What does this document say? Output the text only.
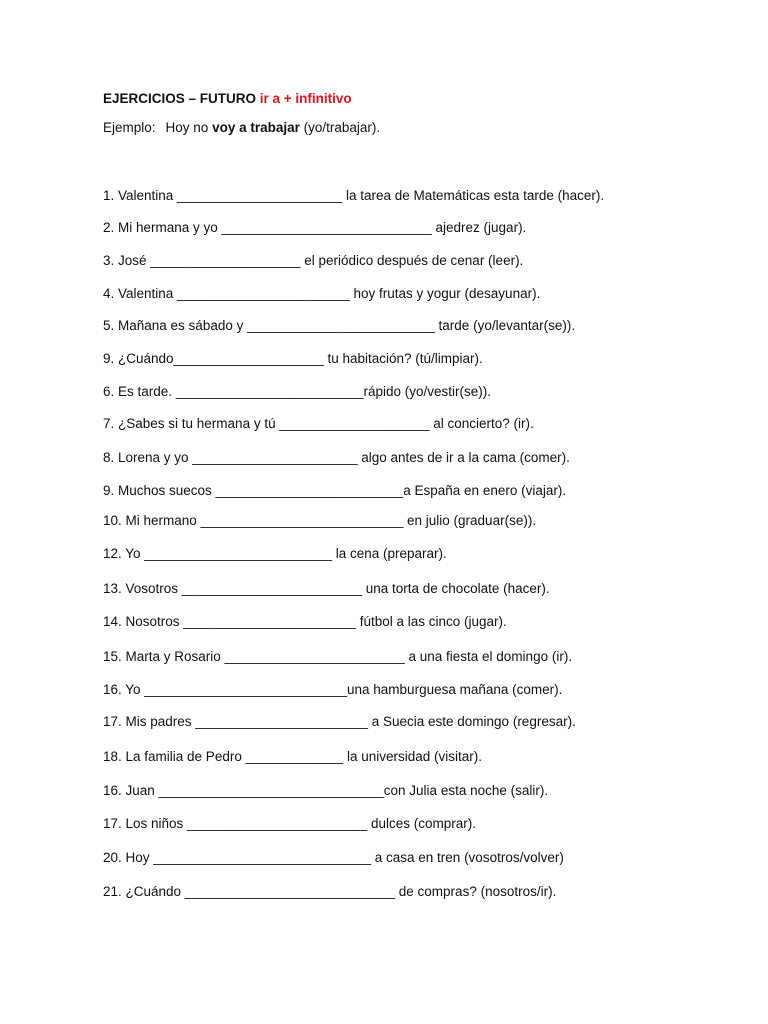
EJERCICIOS – FUTURO ir a + infinitivo
Ejemplo: Hoy no voy a trabajar (yo/trabajar).
1. Valentina ______________________ la tarea de Matemáticas esta tarde (hacer).
2. Mi hermana y yo ____________________________ ajedrez (jugar).
3. José ____________________ el periódico después de cenar (leer).
4. Valentina _______________________ hoy frutas y yogur (desayunar).
5. Mañana es sábado y _________________________ tarde (yo/levantar(se)).
9. ¿Cuándo____________________ tu habitación? (tú/limpiar).
6. Es tarde. _________________________rápido (yo/vestir(se)).
7. ¿Sabes si tu hermana y tú ____________________ al concierto? (ir).
8. Lorena y yo ______________________ algo antes de ir a la cama (comer).
9. Muchos suecos _________________________a España en enero (viajar).
10. Mi hermano ___________________________ en julio (graduar(se)).
12. Yo _________________________ la cena (preparar).
13. Vosotros ________________________ una torta de chocolate (hacer).
14. Nosotros _______________________ fútbol a las cinco (jugar).
15. Marta y Rosario ________________________ a una fiesta el domingo (ir).
16. Yo ___________________________una hamburguesa mañana (comer).
17. Mis padres _______________________ a Suecia este domingo (regresar).
18. La familia de Pedro _____________ la universidad (visitar).
16. Juan ______________________________con Julia esta noche (salir).
17. Los niños ________________________ dulces (comprar).
20. Hoy _____________________________ a casa en tren (vosotros/volver)
21. ¿Cuándo ____________________________ de compras? (nosotros/ir).
